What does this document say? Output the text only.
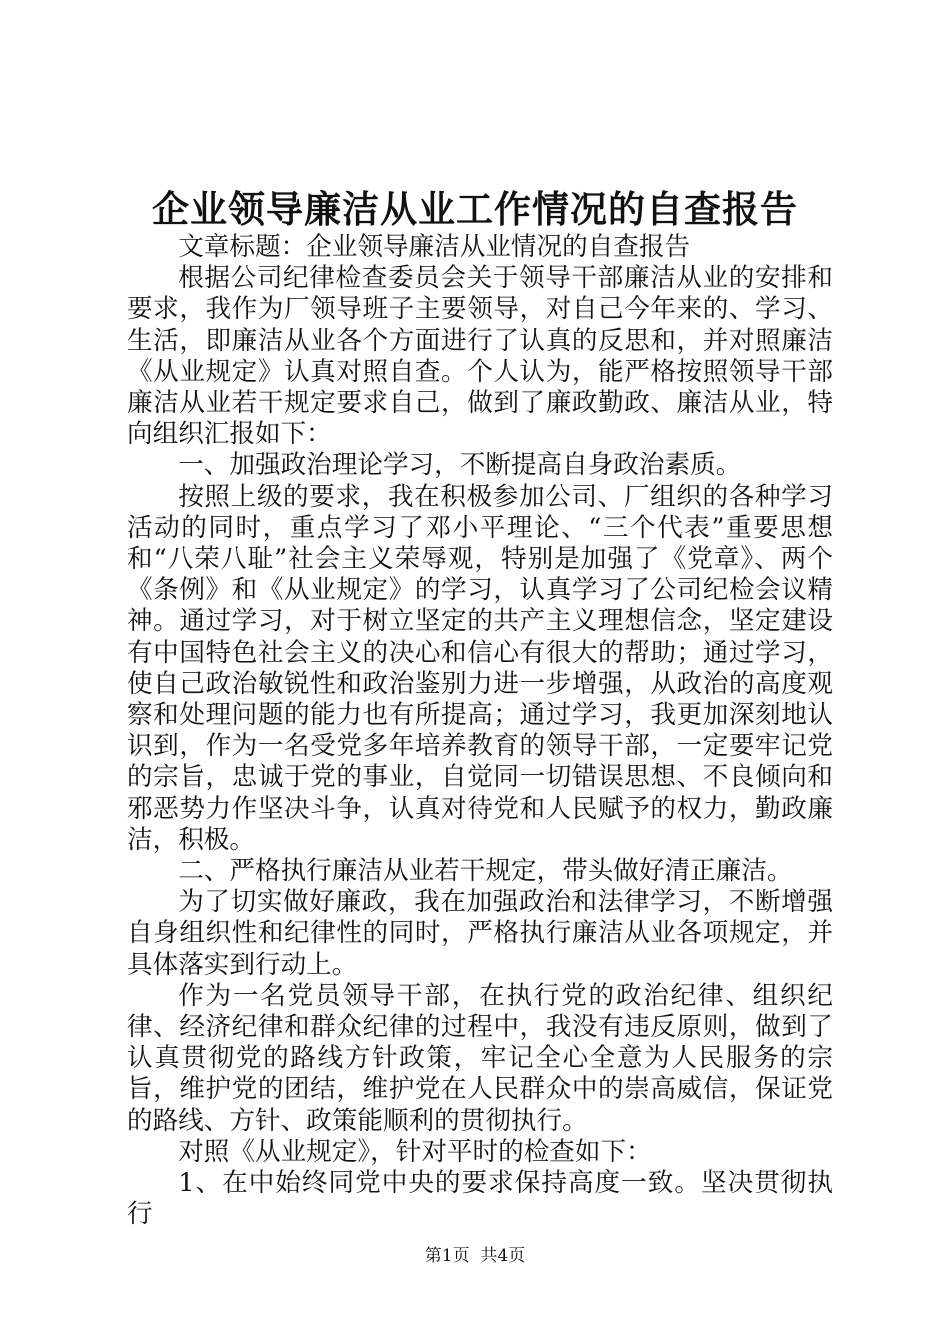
企业领导廉洁从业工作情况的自查报告

文章标题：企业领导廉洁从业情况的自查报告

根据公司纪律检查委员会关于领导干部廉洁从业的安排和要求，我作为厂领导班子主要领导，对自己今年来的、学习、生活，即廉洁从业各个方面进行了认真的反思和，并对照廉洁《从业规定》认真对照自查。个人认为，能严格按照领导干部廉洁从业若干规定要求自己，做到了廉政勤政、廉洁从业，特向组织汇报如下：

一、加强政治理论学习，不断提高自身政治素质。

按照上级的要求，我在积极参加公司、厂组织的各种学习活动的同时，重点学习了邓小平理论、“三个代表”重要思想和“八荣八耻”社会主义荣辱观，特别是加强了《党章》、两个《条例》和《从业规定》的学习，认真学习了公司纪检会议精神。通过学习，对于树立坚定的共产主义理想信念，坚定建设有中国特色社会主义的决心和信心有很大的帮助；通过学习，使自己政治敏锐性和政治鉴别力进一步增强，从政治的高度观察和处理问题的能力也有所提高；通过学习，我更加深刻地认识到，作为一名受党多年培养教育的领导干部，一定要牢记党的宗旨，忠诚于党的事业，自觉同一切错误思想、不良倾向和邪恶势力作坚决斗争，认真对待党和人民赋予的权力，勤政廉洁，积极。

二、严格执行廉洁从业若干规定，带头做好清正廉洁。

为了切实做好廉政，我在加强政治和法律学习，不断增强自身组织性和纪律性的同时，严格执行廉洁从业各项规定，并具体落实到行动上。

作为一名党员领导干部，在执行党的政治纪律、组织纪律、经济纪律和群众纪律的过程中，我没有违反原则，做到了认真贯彻党的路线方针政策，牢记全心全意为人民服务的宗旨，维护党的团结，维护党在人民群众中的崇高威信，保证党的路线、方针、政策能顺利的贯彻执行。

对照《从业规定》，针对平时的检查如下：

1、在中始终同党中央的要求保持高度一致。坚决贯彻执行

第1页 共4页
